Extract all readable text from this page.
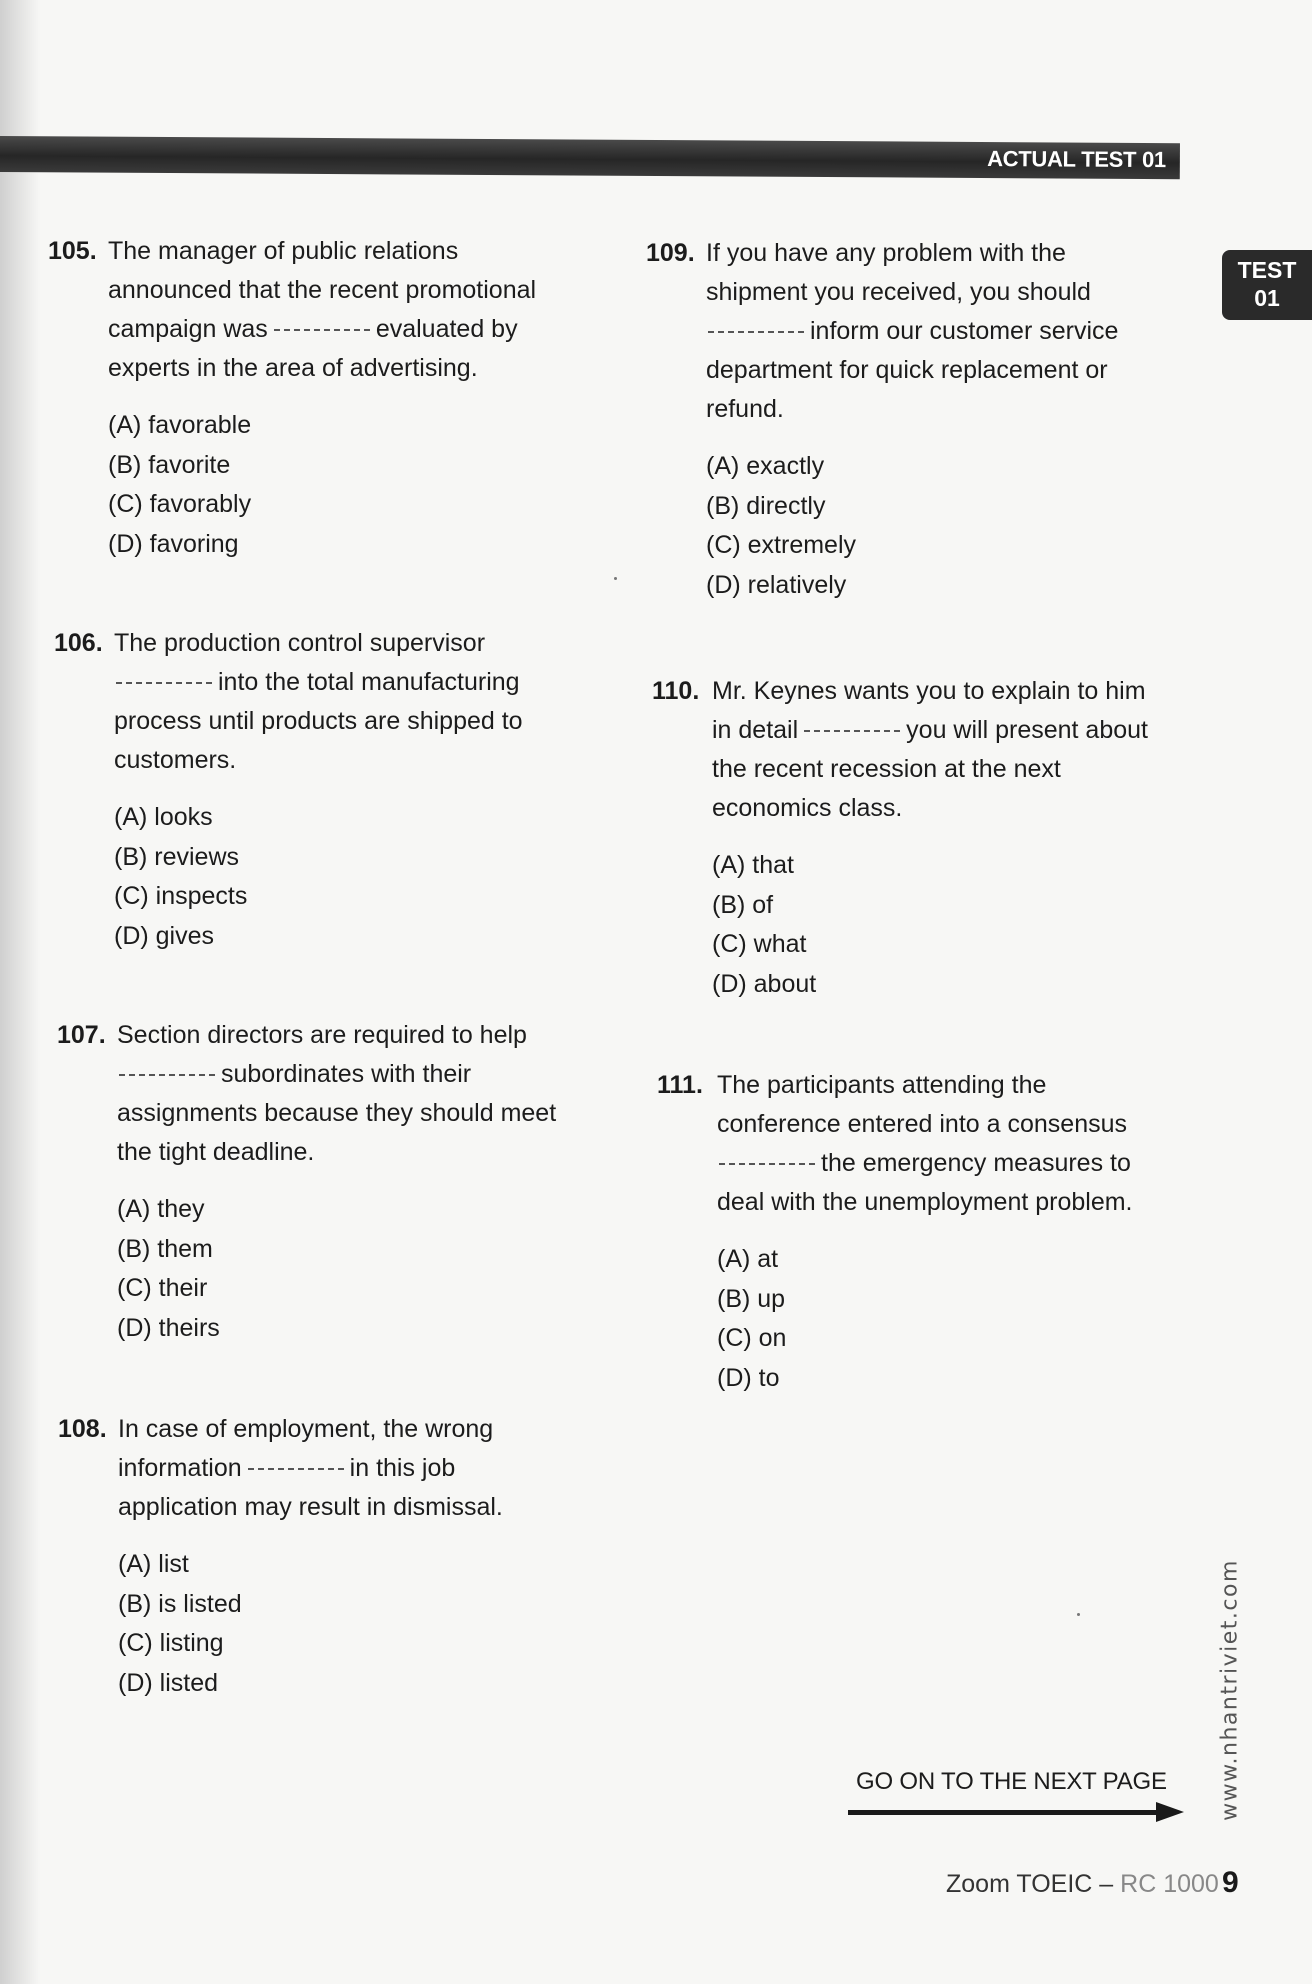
ACTUAL TEST 01
TEST
01
105. The manager of public relations
announced that the recent promotional
campaign was	evaluated by
experts in the area of advertising.
(A) favorable
(B) favorite
(C) favorably
(D) favoring
106. The production control supervisor
into the total manufacturing
process until products are shipped to
customers.
(A) looks
(B) reviews
(C) inspects
(D) gives
107. Section directors are required to help
subordinates with their
assignments because they should meet
the tight deadline.
(A) they
(B) them
(C) their
(D) theirs
108. In case of employment, the wrong
information	in this job
application may result in dismissal.
(A) list
(B) is listed
(C) listing
(D) listed
109. If you have any problem with the
shipment you received, you should
inform our customer service
department for quick replacement or
refund.
(A) exactly
(B) directly
(C) extremely
(D) relatively
110. Mr. Keynes wants you to explain to him
in detail	you will present about
the recent recession at the next
economics class.
(A) that
(B) of
(C) what
(D) about
111. The participants attending the
conference entered into a consensus
the emergency measures to
deal with the unemployment problem.
(A) at
(B) up
(C) on
(D) to
www.nhantriviet.com
GO ON TO THE NEXT PAGE
Zoom TOEIC – RC 1000 9
